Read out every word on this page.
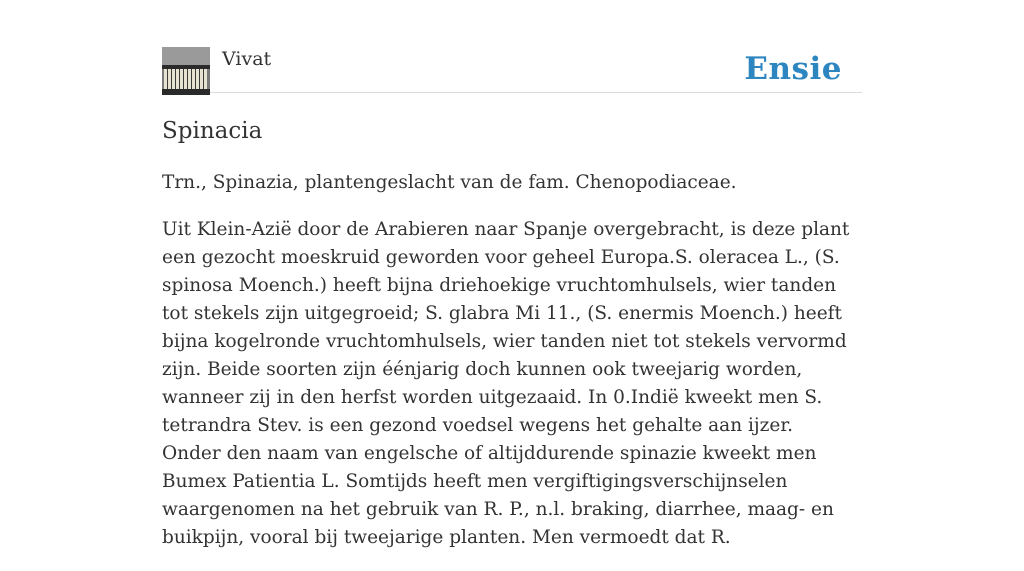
Vivat	Ensie
Spinacia

Trn., Spinazia, plantengeslacht van de fam. Chenopodiaceae.

Uit Klein-Azië door de Arabieren naar Spanje overgebracht, is deze plant een gezocht moeskruid geworden voor geheel Europa.S. oleracea L., (S. spinosa Moench.) heeft bijna driehoekige vruchtomhulsels, wier tanden tot stekels zijn uitgegroeid; S. glabra Mi 11., (S. enermis Moench.) heeft bijna kogelronde vruchtomhulsels, wier tanden niet tot stekels vervormd zijn. Beide soorten zijn éénjarig doch kunnen ook tweejarig worden, wanneer zij in den herfst worden uitgezaaid. In 0.Indië kweekt men S. tetrandra Stev. is een gezond voedsel wegens het gehalte aan ijzer. Onder den naam van engelsche of altijddurende spinazie kweekt men Bumex Patientia L. Somtijds heeft men vergiftigingsverschijnselen waargenomen na het gebruik van R. P., n.l. braking, diarrhee, maag- en buikpijn, vooral bij tweejarige planten. Men vermoedt dat R.
